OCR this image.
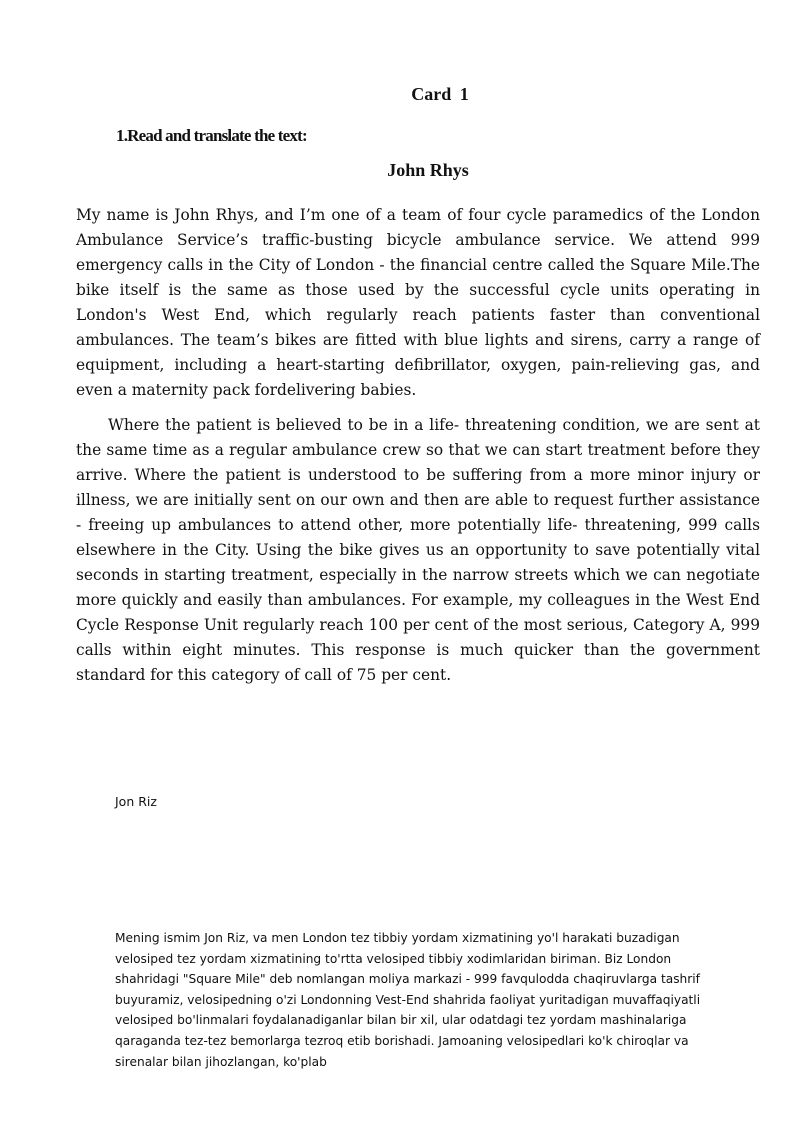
Card 1
1.Read and translate the text:
John Rhys

My name is John Rhys, and I’m one of a team of four cycle paramedics of the London Ambulance Service’s traffic-busting bicycle ambulance service. We attend 999 emergency calls in the City of London - the financial centre called the Square Mile.The bike itself is the same as those used by the successful cycle units operating in London's West End, which regularly reach patients faster than conventional ambulances. The team’s bikes are fitted with blue lights and sirens, carry a range of equipment, including a heart-starting defibrillator, oxygen, pain-relieving gas, and even a maternity pack fordelivering babies.

Where the patient is believed to be in a life- threatening condition, we are sent at the same time as a regular ambulance crew so that we can start treatment before they arrive. Where the patient is understood to be suffering from a more minor injury or illness, we are initially sent on our own and then are able to request further assistance - freeing up ambulances to attend other, more potentially life- threatening, 999 calls elsewhere in the City. Using the bike gives us an opportunity to save potentially vital seconds in starting treatment, especially in the narrow streets which we can negotiate more quickly and easily than ambulances. For example, my colleagues in the West End Cycle Response Unit regularly reach 100 per cent of the most serious, Category A, 999 calls within eight minutes. This response is much quicker than the government standard for this category of call of 75 per cent.

Jon Riz

Mening ismim Jon Riz, va men London tez tibbiy yordam xizmatining yo'l harakati buzadigan velosiped tez yordam xizmatining to'rtta velosiped tibbiy xodimlaridan biriman. Biz London shahridagi "Square Mile" deb nomlangan moliya markazi - 999 favqulodda chaqiruvlarga tashrif buyuramiz, velosipedning o'zi Londonning Vest-End shahrida faoliyat yuritadigan muvaffaqiyatli velosiped bo'linmalari foydalanadiganlar bilan bir xil, ular odatdagi tez yordam mashinalariga qaraganda tez-tez bemorlarga tezroq etib borishadi. Jamoaning velosipedlari ko'k chiroqlar va sirenalar bilan jihozlangan, ko'plab
